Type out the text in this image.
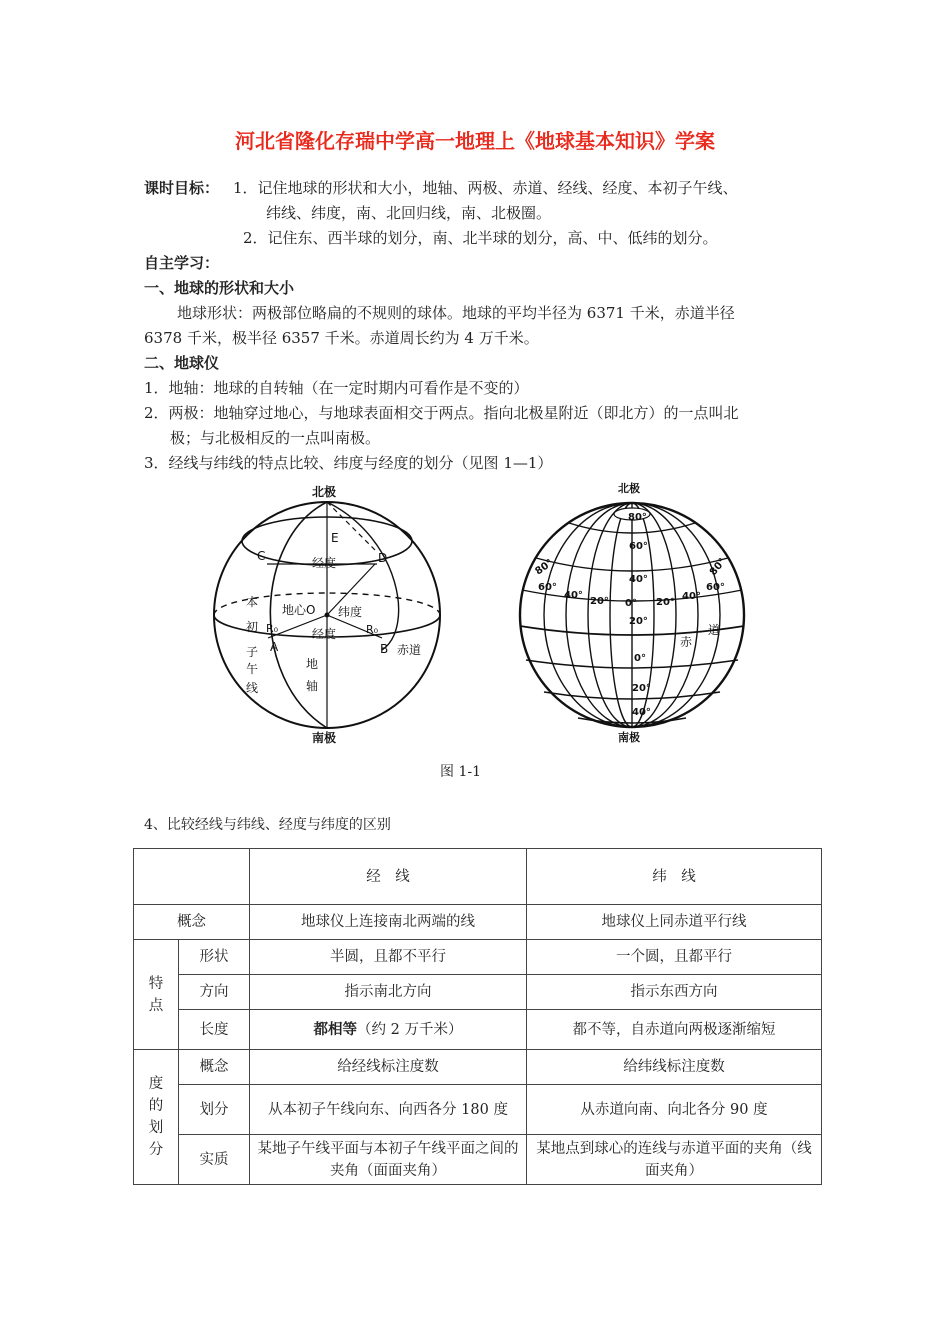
河北省隆化存瑞中学高一地理上《地球基本知识》学案
课时目标： 1．记住地球的形状和大小，地轴、两极、赤道、经线、经度、本初子午线、
纬线、纬度，南、北回归线，南、北极圈。
2．记住东、西半球的划分，南、北半球的划分，高、中、低纬的划分。
自主学习：
一、地球的形状和大小
地球形状：两极部位略扁的不规则的球体。地球的平均半径为 6371 千米，赤道半径
6378 千米，极半径 6357 千米。赤道周长约为 4 万千米。
二、地球仪
1．地轴：地球的自转轴（在一定时期内可看作是不变的）
2．两极：地轴穿过地心，与地球表面相交于两点。指向北极星附近（即北方）的一点叫北
极；与北极相反的一点叫南极。
3．经线与纬线的特点比较、纬度与经度的划分（见图 1—1）
北极
南极
E
C	D
经度
地心O 纬度
R₀	R₀
经度
A	B 赤道
本
初
子
午
线
地
轴
北极
南极
80°
60°
40°
20°
0°
20°
40°
80°
60°
40°
20° 0° 20°
40°
60°
80°
赤
道
图 1-1
4、比较经线与纬线、经度与纬度的区别
		经　线	纬　线
概念		地球仪上连接南北两端的线	地球仪上同赤道平行线

特
点	形状	半圆，且都不平行	一个圆，且都平行
	方向	指示南北方向	指示东西方向
	长度	都相等（约 2 万千米）	都不等，自赤道向两极逐渐缩短

度
的
划
分	概念	给经线标注度数	给纬线标注度数
	划分	从本初子午线向东、向西各分 180 度	从赤道向南、向北各分 90 度
	实质	某地子午线平面与本初子午线平面之间的夹角（面面夹角）	某地点到球心的连线与赤道平面的夹角（线面夹角）
